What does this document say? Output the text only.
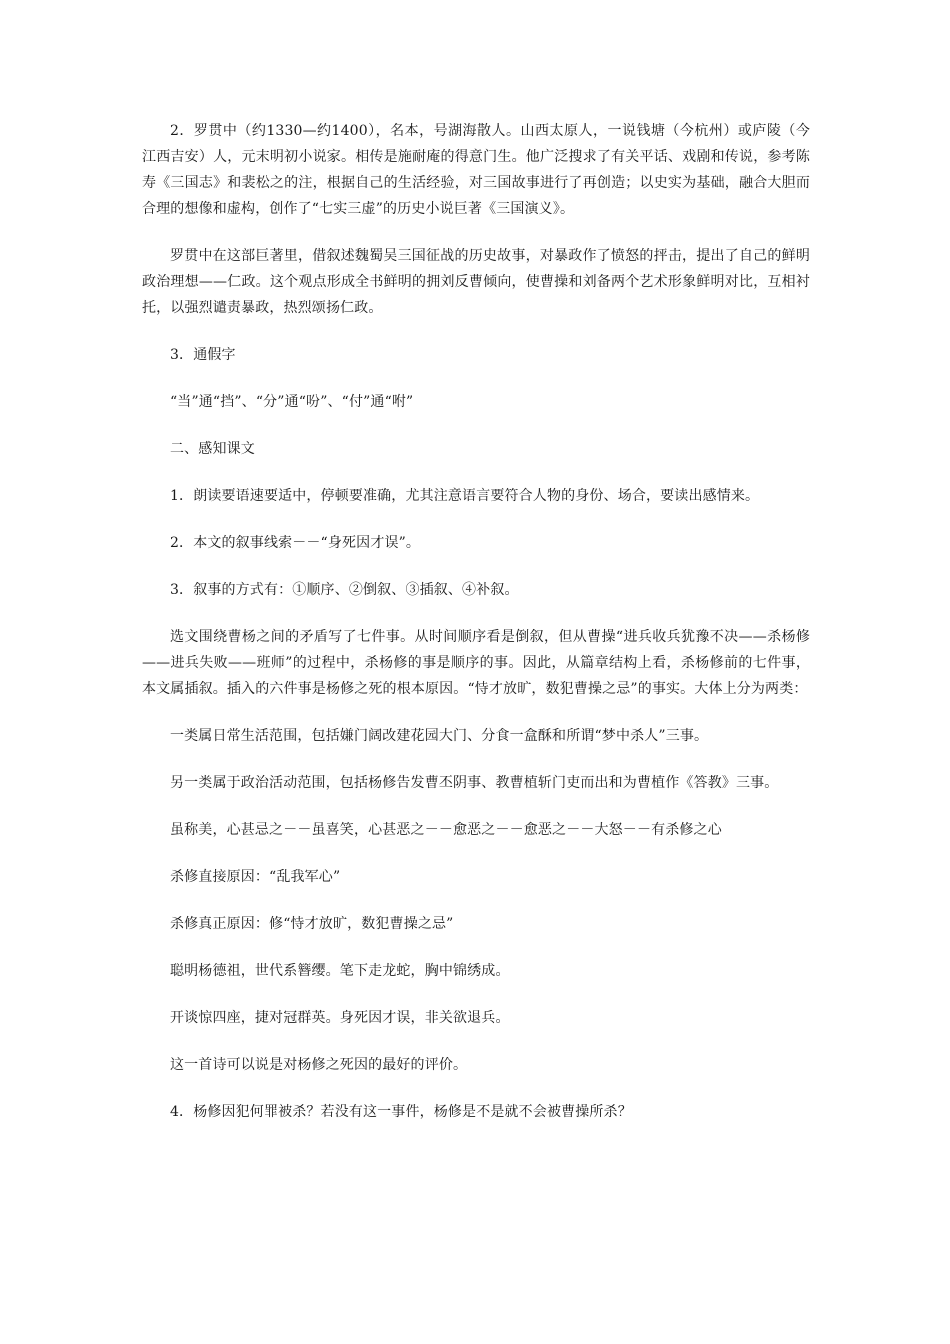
2．罗贯中（约1330—约1400），名本，号湖海散人。山西太原人，一说钱塘（今杭州）或庐陵（今江西吉安）人，元末明初小说家。相传是施耐庵的得意门生。他广泛搜求了有关平话、戏剧和传说，参考陈寿《三国志》和裴松之的注，根据自己的生活经验，对三国故事进行了再创造；以史实为基础，融合大胆而合理的想像和虚构，创作了“七实三虚”的历史小说巨著《三国演义》。

罗贯中在这部巨著里，借叙述魏蜀吴三国征战的历史故事，对暴政作了愤怒的抨击，提出了自己的鲜明政治理想——仁政。这个观点形成全书鲜明的拥刘反曹倾向，使曹操和刘备两个艺术形象鲜明对比，互相衬托，以强烈谴责暴政，热烈颂扬仁政。

3．通假字

“当”通“挡”、“分”通“吩”、“付”通“咐”

二、感知课文

1．朗读要语速要适中，停顿要准确，尤其注意语言要符合人物的身份、场合，要读出感情来。

2．本文的叙事线索－－“身死因才误”。

3．叙事的方式有：①顺序、②倒叙、③插叙、④补叙。

选文围绕曹杨之间的矛盾写了七件事。从时间顺序看是倒叙，但从曹操“进兵收兵犹豫不决——杀杨修——进兵失败——班师”的过程中，杀杨修的事是顺序的事。因此，从篇章结构上看，杀杨修前的七件事，本文属插叙。插入的六件事是杨修之死的根本原因。“恃才放旷，数犯曹操之忌”的事实。大体上分为两类：

一类属日常生活范围，包括嫌门阔改建花园大门、分食一盒酥和所谓“梦中杀人”三事。

另一类属于政治活动范围，包括杨修告发曹丕阴事、教曹植斩门吏而出和为曹植作《答教》三事。

虽称美，心甚忌之－－虽喜笑，心甚恶之－－愈恶之－－愈恶之－－大怒－－有杀修之心

杀修直接原因：“乱我军心”

杀修真正原因：修“恃才放旷，数犯曹操之忌”

聪明杨德祖，世代系簪缨。笔下走龙蛇，胸中锦绣成。

开谈惊四座，捷对冠群英。身死因才误，非关欲退兵。

这一首诗可以说是对杨修之死因的最好的评价。

4．杨修因犯何罪被杀？若没有这一事件，杨修是不是就不会被曹操所杀？
